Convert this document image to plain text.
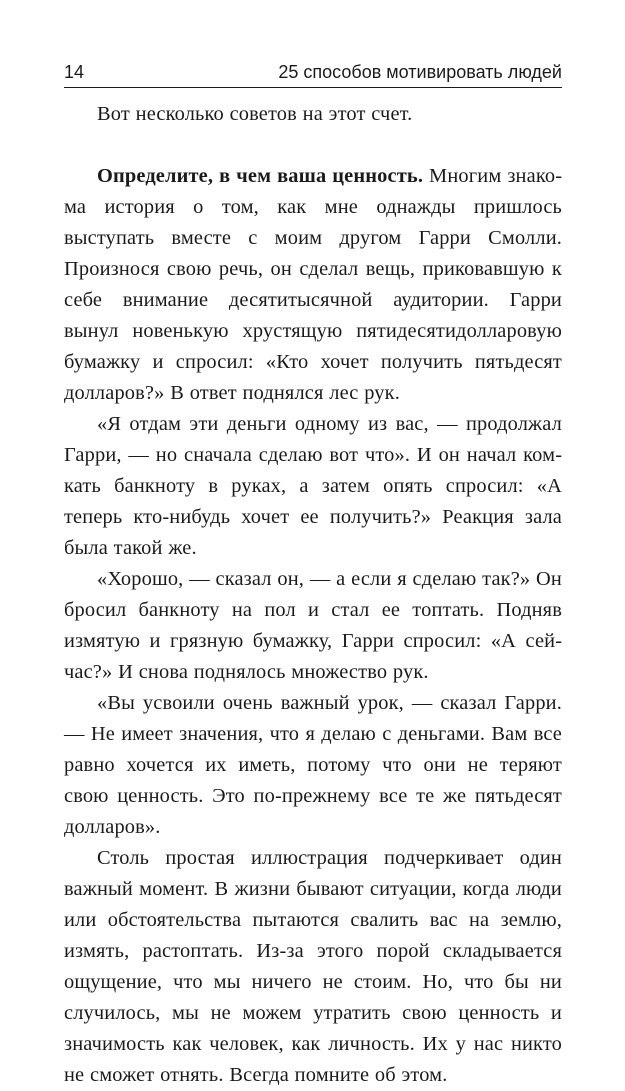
14	25 способов мотивировать людей

Вот несколько советов на этот счет.

Определите, в чем ваша ценность. Многим знакома история о том, как мне однажды пришлось выступать вместе с моим другом Гарри Смолли. Произнося свою речь, он сделал вещь, приковавшую к себе внимание десятитысячной аудитории. Гарри вынул новенькую хрустящую пятидесятидолларовую бумажку и спросил: «Кто хочет получить пятьдесят долларов?» В ответ поднялся лес рук.

«Я отдам эти деньги одному из вас, — продолжал Гарри, — но сначала сделаю вот что». И он начал комкать банкноту в руках, а затем опять спросил: «А теперь кто-нибудь хочет ее получить?» Реакция зала была такой же.

«Хорошо, — сказал он, — а если я сделаю так?» Он бросил банкноту на пол и стал ее топтать. Подняв измятую и грязную бумажку, Гарри спросил: «А сейчас?» И снова поднялось множество рук.

«Вы усвоили очень важный урок, — сказал Гарри. — Не имеет значения, что я делаю с деньгами. Вам все равно хочется их иметь, потому что они не теряют свою ценность. Это по-прежнему все те же пятьдесят долларов».

Столь простая иллюстрация подчеркивает один важный момент. В жизни бывают ситуации, когда люди или обстоятельства пытаются свалить вас на землю, измять, растоптать. Из-за этого порой складывается ощущение, что мы ничего не стоим. Но, что бы ни случилось, мы не можем утратить свою ценность и значимость как человек, как личность. Их у нас никто не сможет отнять. Всегда помните об этом.
